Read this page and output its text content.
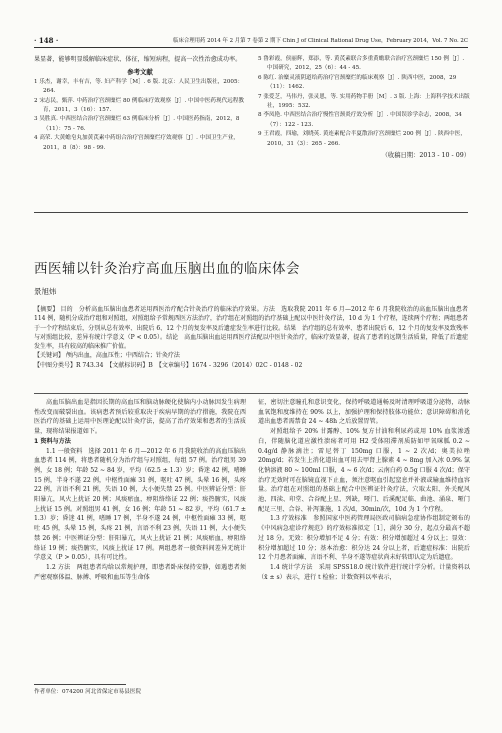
· 148 ·	临床合理用药 2014 年 2 月第 7 卷第 2 期下 Chin J of Clinical Rational Drug Use，February 2014，Vol. 7 No. 2C

果显著，能够明显缓解临床症状、体征，缩短病程，提高一次性治愈成功率。

参考文献
1 乐杰，谢幸，丰有吉，等. 妇产科学［M］. 6 版. 北京：人民卫生出版社，2005：264.
2 宋志民，甄萍. 中药治疗宫颈糜烂 80 例临床疗效观察［J］. 中国中医药现代远程教育，2011，3（16）：157.
3 吴胜真. 中西医结合治疗宫颈糜烂 63 例临床分析［J］. 中国医药指南，2012，8（11）：75 - 76.
4 高荣. 大黄蟾皂丸加黄芪素中药组合治疗宫颈糜烂疗效观察［J］. 中国卫生产业，2011，8（8）：98 - 99.
5 鲁彩霞，侯丽辉，郑添，等. 黄芪素联合多重黄蟾联合治疗宫颈糜烂 150 例［J］. 中国研究，2012，25（6）：44 - 45.
6 陈红. 治糜灵液阴道给药治疗宫颈糜烂的临床观察［J］. 陕西中医，2008，29（11）：1462.
7 张爱芝，马伟丹，张灵恩，等. 实用药物手册［M］. 3 版. 上海：上海科学技术出版社，1995：532.
8 李凤艳. 中西医结合治疗慢性宫颈炎疗效分析［J］. 中国误诊学杂志，2008，34（7）：122 - 123.
9 王君霞，四瑜，刘晓英. 黄连素配合半夏散治疗宫颈糜烂 200 例［J］. 陕西中医，2010，31（3）：265 - 266.
（收稿日期：2013 - 10 - 09）
西医辅以针灸治疗高血压脑出血的临床体会
景旭炜

【摘要】 目的　分析高血压脑出血患者运用西医治疗配合针灸治疗的临床治疗效果。方法　选取我院 2011 年 6 月—2012 年 6 月我院收治的高血压脑出血患者 114 例，随机分成治疗组和对照组，对照组给予常规西医方法治疗，治疗组在对照组的治疗基础上配以中医针灸疗法，10 d 为 1 个疗程，连续两个疗程；两组患者于一个疗程结束后，分别从总有效率、出院后 6、12 个月的复发率及后遗症发生率进行比较。结果　治疗组的总有效率、患者出院后 6、12 个月的复发率及致残率与对照组比较，差异有统计学意义（P < 0.05）。结论　高血压脑出血运用西医疗法配以中医针灸治疗，临床疗效显著，提高了患者的远期生活质量，降低了后遗症发生率，具有较高的临床推广价值。

【关键词】 颅内出血，高血压性；中西结合；针灸疗法

【中图分类号】R 743.34　【文献标识码】B　【文章编号】1674 - 3296（2014）02C - 0148 - 02

高血压脑出血是指因长期的高血压和脑动脉硬化使脑内小动脉因发生病理性改变而破裂出血。该病患者预后较重取决于疾病早期的治疗措施，我院在西医治疗的基础上运用中医理论配以针灸疗法，提高了治疗效果和患者的生活质量，现将结果报道如下。

1 资料与方法

1.1 一般资料　选择 2011 年 6 月—2012 年 6 月我院收治的高血压脑出血患者 114 例，将患者随机分为治疗组与对照组，每组 57 例。治疗组男 39 例，女 18 例；年龄 52 ~ 84 岁，平均（62.5 ± 1.3）岁；昏迷 42 例，嗜睡 15 例，半身不遂 22 例，中枢性面瘫 31 例，呕吐 47 例，头晕 16 例，头疼 22 例，言语不利 21 例，失语 10 例，大小便失禁 25 例。中医辨证分型：肝阳暴亢，风火上扰证 20 例；风痰瘀血，痹阻络络证 22 例；痰热腑实，风痰上扰证 15 例。对照组男 41 例，女 16 例；年龄 51 ~ 82 岁，平均（61.7 ± 1.3）岁；昏迷 41 例，嗜睡 17 例，半身不遂 24 例，中枢性面瘫 33 例，呕吐 45 例，头晕 15 例，头疼 21 例，言语不利 23 例，失语 11 例，大小便失禁 26 例；中医辨证分型：肝阳暴亢，风火上扰证 21 例；风痰瘀血，痹阻络络证 19 例；痰热腑实，风痰上扰证 17 例。两组患者一般资料间差异无统计学意义（P > 0.05），具有可比性。

1.2 方法　两组患者均给以常规护理，即患者卧床保持安静，如遇患者须严密观察体温、脉搏、呼吸和血压等生命体

征，密切注意瞳孔和意识变化，保持呼吸道通畅及时清理呼吸道分泌物，动脉血氧饱和度维持在 90% 以上，加强护理和保持肢体功能位；意识障碍和消化道出血患者需禁食 24 ~ 48h 之后放置胃管。

对照组给予 20% 甘露醇、10% 复方甘油和利尿药或用 10% 血浆渗透白，伴随脑化道应激性溃疡者可用 H2 受体阻滞剂质防如甲氧咪胍 0.2 ~ 0.4g/d 静脉滴注；雷尼替丁 150mg 口服，1 ~ 2 次/d；奥美拉唑 20mg/d；若发生上消化道出血可用去甲肾上腺素 4 ~ 8mg 加入冰 0.9% 氯化钠溶液 80 ~ 100ml 口服，4 ~ 6 次/d；云南白药 0.5g 口服 4 次/d；保守治疗无效时可在脑镜直视下止血，须注意呕血引起窒息并补液或输血维持血容量。治疗组在对照组的基础上配合中医辨证针灸疗法，穴取太阳、外关配风池、四渎、印堂、合谷配上星、列缺，哑门、后溪配足临、曲池、涌泉、哑门配足三里、合谷、补泻兼施，1 次/d，30min/次，10d 为 1 个疗程。

1.3 疗效标准　参照国家中医药管理局医政司脑病急症协作组制定颁布的《中风病急症诊疗规范》的疗效标准拟定［1］，满分 30 分，起点分最高不超过 18 分。无效：积分增加不足 4 分；有效：积分增加超过 4 分以上；显效：积分增加超过 10 分；基本治愈：积分达 24 分以上者，后遗症标准：出院后 12 个月患者面瘫、言语不利、半身不遂等症状尚未好转即认定为后遗症。

1.4 统计学方法　采用 SPSS18.0 统计软件进行统计学分析。计量资料以（x̄ ± s）表示，进行 t 检验；计数资料以率表示，

作者单位：074200 河北省保定市易县医院
